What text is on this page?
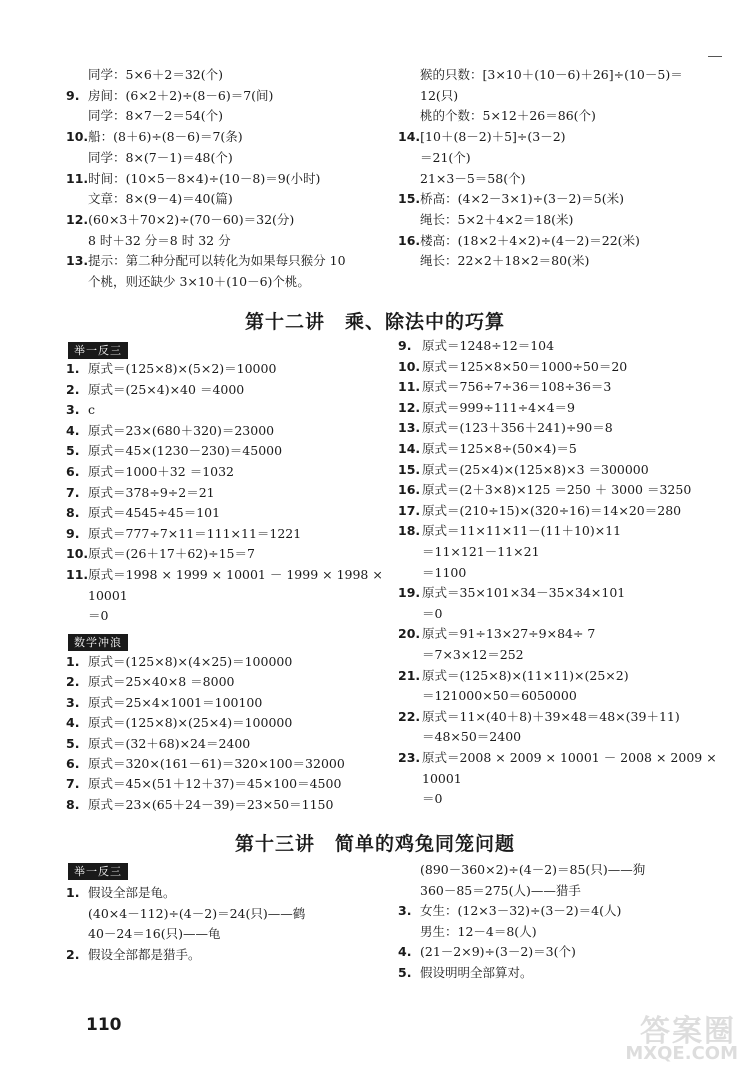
同学：5×6＋2＝32(个)
9. 房间：(6×2＋2)÷(8－6)＝7(间)
同学：8×7－2＝54(个)
10.船：(8＋6)÷(8－6)＝7(条)
同学：8×(7－1)＝48(个)
11.时间：(10×5－8×4)÷(10－8)＝9(小时)
文章：8×(9－4)＝40(篇)
12.(60×3＋70×2)÷(70－60)＝32(分)
8 时＋32 分＝8 时 32 分
13.提示：第二种分配可以转化为如果每只猴分 10
个桃，则还缺少 3×10＋(10－6)个桃。
猴的只数：[3×10＋(10－6)＋26]÷(10－5)＝
12(只)
桃的个数：5×12＋26＝86(个)
14.[10＋(8－2)＋5]÷(3－2)
＝21(个)
21×3－5＝58(个)
15.桥高：(4×2－3×1)÷(3－2)＝5(米)
绳长：5×2＋4×2＝18(米)
16.楼高：(18×2＋4×2)÷(4－2)＝22(米)
绳长：22×2＋18×2＝80(米)
第十二讲　乘、除法中的巧算
举一反三
1. 原式＝(125×8)×(5×2)＝10000
2. 原式＝(25×4)×40 ＝4000
3. c
4. 原式＝23×(680＋320)＝23000
5. 原式＝45×(1230－230)＝45000
6. 原式＝1000＋32 ＝1032
7. 原式＝378÷9÷2＝21
8. 原式＝4545÷45＝101
9. 原式＝777÷7×11＝111×11＝1221
10.原式＝(26＋17＋62)÷15＝7
11.原式＝1998 × 1999 × 10001 － 1999 × 1998 ×
10001
＝0
数学冲浪
1. 原式＝(125×8)×(4×25)＝100000
2. 原式＝25×40×8 ＝8000
3. 原式＝25×4×1001＝100100
4. 原式＝(125×8)×(25×4)＝100000
5. 原式＝(32＋68)×24＝2400
6. 原式＝320×(161－61)＝320×100＝32000
7. 原式＝45×(51＋12＋37)＝45×100＝4500
8. 原式＝23×(65＋24－39)＝23×50＝1150
9. 原式＝1248÷12＝104
10. 原式＝125×8×50＝1000÷50＝20
11. 原式＝756÷7÷36＝108÷36＝3
12. 原式＝999÷111÷4×4＝9
13. 原式＝(123＋356＋241)÷90＝8
14. 原式＝125×8÷(50×4)＝5
15. 原式＝(25×4)×(125×8)×3 ＝300000
16. 原式＝(2＋3×8)×125 ＝250 ＋ 3000 ＝3250
17. 原式＝(210÷15)×(320÷16)＝14×20＝280
18. 原式＝11×11×11－(11＋10)×11
＝11×121－11×21
＝1100
19. 原式＝35×101×34－35×34×101
＝0
20. 原式＝91÷13×27÷9×84÷ 7
＝7×3×12＝252
21. 原式＝(125×8)×(11×11)×(25×2)
＝121000×50＝6050000
22. 原式＝11×(40＋8)＋39×48＝48×(39＋11)
＝48×50＝2400
23. 原式＝2008 × 2009 × 10001 － 2008 × 2009 ×
10001
＝0
第十三讲　简单的鸡兔同笼问题
举一反三
1. 假设全部是龟。
(40×4－112)÷(4－2)＝24(只)——鹤
40－24＝16(只)——龟
2. 假设全部都是猎手。
(890－360×2)÷(4－2)＝85(只)——狗
360－85＝275(人)——猎手
3. 女生：(12×3－32)÷(3－2)＝4(人)
男生：12－4＝8(人)
4. (21－2×9)÷(3－2)＝3(个)
5. 假设明明全部算对。
110	答案圈
MXQE.COM
